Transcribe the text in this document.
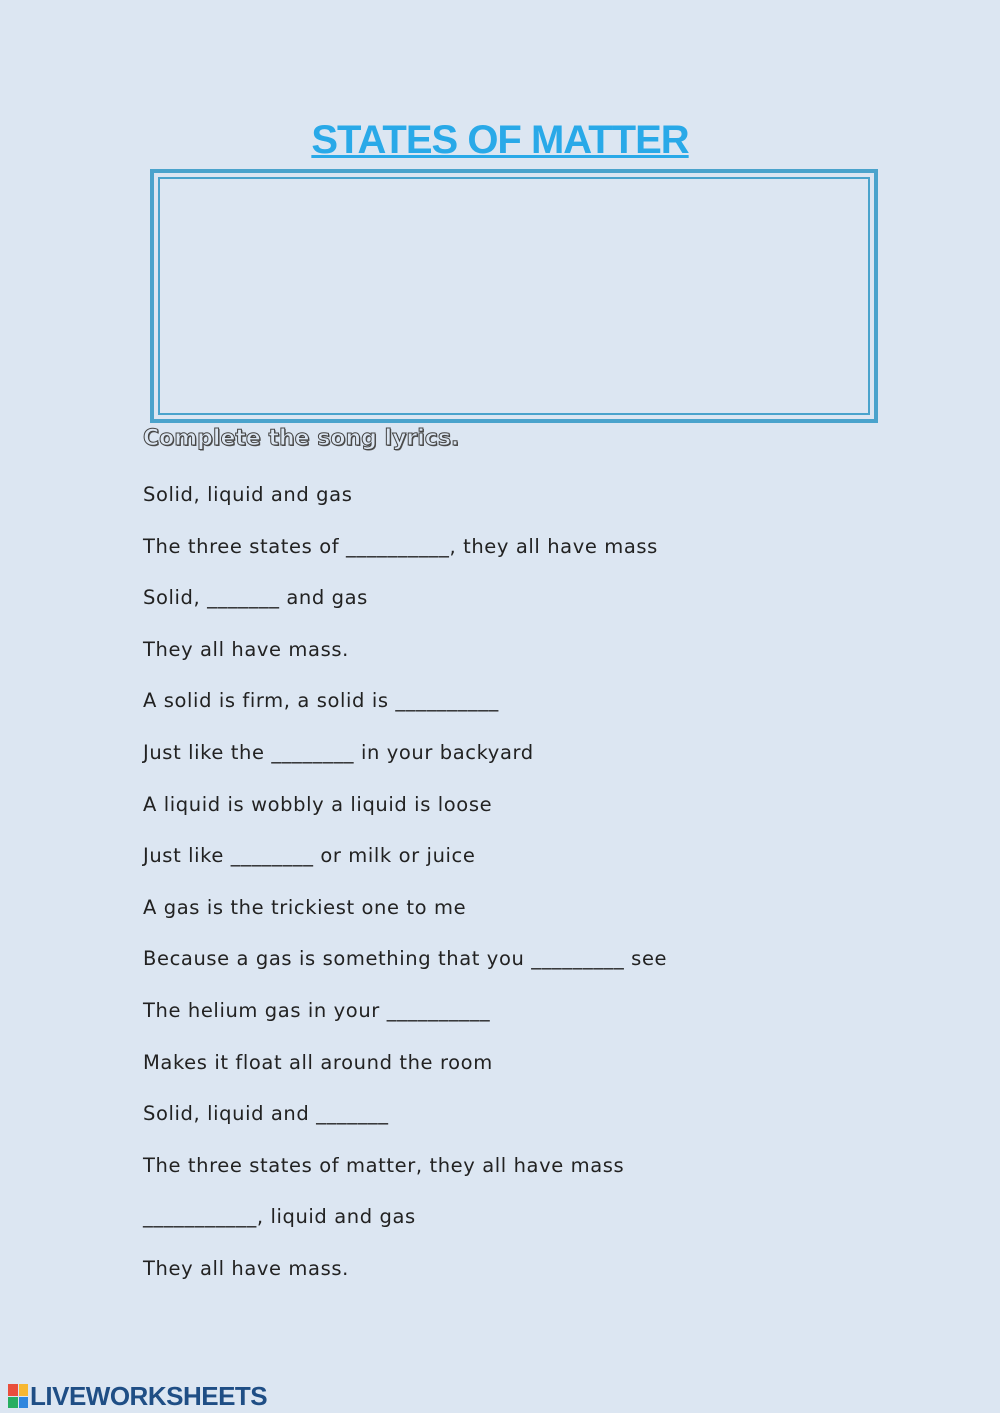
STATES OF MATTER
Complete the song lyrics.
Solid, liquid and gas
The three states of __________, they all have mass
Solid, _______ and gas
They all have mass.
A solid is firm, a solid is __________
Just like the ________ in your backyard
A liquid is wobbly a liquid is loose
Just like ________ or milk or juice
A gas is the trickiest one to me
Because a gas is something that you _________ see
The helium gas in your __________
Makes it float all around the room
Solid, liquid and _______
The three states of matter, they all have mass
___________, liquid and gas
They all have mass.
LIVEWORKSHEETS
